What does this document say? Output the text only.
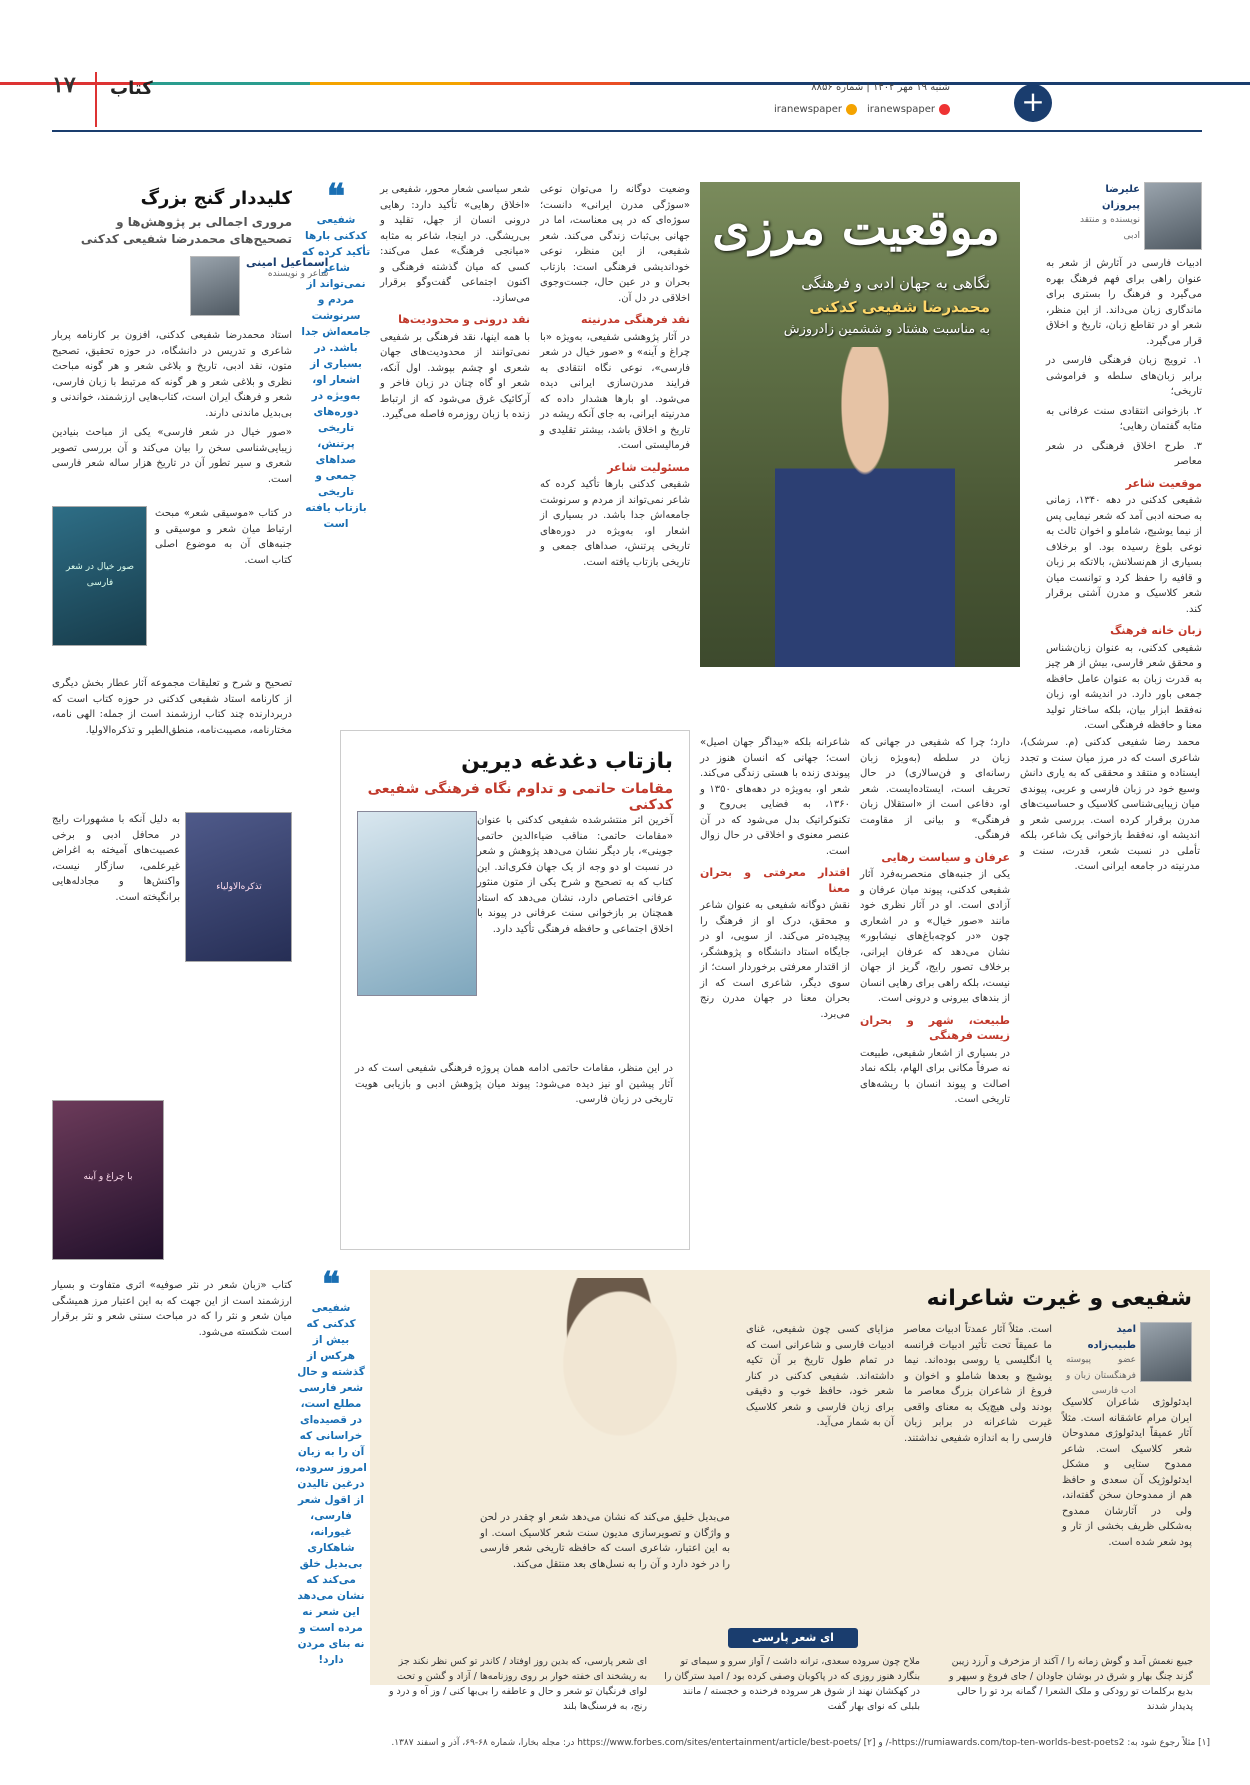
۱۷ کتاب	شنبه ۱۹ مهر ۱۴۰۲ | شماره ۸۸۵۶
iranewspaper
iranewspaper	+
علیرضا پیروزان
نویسنده و منتقد ادبی

ادبیات فارسی در آثارش از شعر به عنوان راهی برای فهم فرهنگ بهره می‌گیرد و فرهنگ را بستری برای ماندگاری زبان می‌داند. از این منظر، شعر او در تقاطع زبان، تاریخ و اخلاق قرار می‌گیرد.

۱. ترویج زبان فرهنگی فارسی در برابر زبان‌های سلطه و فراموشی تاریخی؛

۲. بازخوانی انتقادی سنت عرفانی به مثابه گفتمان رهایی؛

۳. طرح اخلاق فرهنگی در شعر معاصر

موقعیت شاعر

شفیعی کدکنی در دهه ۱۳۴۰، زمانی به صحنه ادبی آمد که شعر نیمایی پس از نیما یوشیج، شاملو و اخوان ثالث به نوعی بلوغ رسیده بود. او برخلاف بسیاری از هم‌نسلانش، بالاتکه بر زبان و قافیه را حفظ کرد و توانست میان شعر کلاسیک و مدرن آشتی برقرار کند.

زبان خانه فرهنگ

شفیعی کدکنی، به عنوان زبان‌شناس و محقق شعر فارسی، بیش از هر چیز به قدرت زبان به عنوان عامل حافظه جمعی باور دارد. در اندیشه او، زبان نه‌فقط ابزار بیان، بلکه ساختار تولید معنا و حافظه فرهنگی است.

موقعیت مرزی
نگاهی به جهان ادبی و فرهنگی
محمدرضا شفیعی کدکنی
به مناسبت هشتاد و ششمین زادروزش

وضعیت دوگانه را می‌توان نوعی «سوژگی مدرن ایرانی» دانست؛ سوژه‌ای که در پی معناست، اما در جهانی بی‌ثبات زندگی می‌کند. شعر شفیعی، از این منظر، نوعی خوداندیشی فرهنگی است: بازتاب بحران و در عین حال، جست‌وجوی اخلاقی در دل آن.

نقد فرهنگی مدرنیته

در آثار پژوهشی شفیعی، به‌ویژه «با چراغ و آینه» و «صور خیال در شعر فارسی»، نوعی نگاه انتقادی به فرایند مدرن‌سازی ایرانی دیده می‌شود. او بارها هشدار داده که مدرنیته ایرانی، به جای آنکه ریشه در تاریخ و اخلاق باشد، بیشتر تقلیدی و فرمالیستی است.

مسئولیت شاعر

شفیعی کدکنی بارها تأکید کرده که شاعر نمی‌تواند از مردم و سرنوشت جامعه‌اش جدا باشد. در بسیاری از اشعار او، به‌ویژه در دوره‌های تاریخی پرتنش، صداهای جمعی و تاریخی بازتاب یافته است.

شعر سیاسی شعار محور، شفیعی بر «اخلاق رهایی» تأکید دارد: رهایی درونی انسان از جهل، تقلید و بی‌ریشگی. در اینجا، شاعر به مثابه «میانجی فرهنگ» عمل می‌کند: کسی که میان گذشته فرهنگی و اکنون اجتماعی گفت‌وگو برقرار می‌سازد.

نقد درونی و محدودیت‌ها

با همه اینها، نقد فرهنگی بر شفیعی نمی‌توانند از محدودیت‌های جهان شعری او چشم بپوشد. اول آنکه، شعر او گاه چنان در زبان فاخر و آرکائیک غرق می‌شود که از ارتباط زنده با زبان روزمره فاصله می‌گیرد.

❝
شفیعی کدکنی بارها تأکید کرده که شاعر نمی‌تواند از مردم و سرنوشت جامعه‌اش جدا باشد. در بسیاری از اشعار او، به‌ویژه در دوره‌های تاریخی پرتنش، صداهای جمعی و تاریخی بازتاب یافته است
کلیددار گنج بزرگ
مروری اجمالی بر پژوهش‌ها و تصحیح‌های محمدرضا شفیعی کدکنی
اسماعیل امینی
شاعر و نویسنده

استاد محمدرضا شفیعی کدکنی، افزون بر کارنامه پربار شاعری و تدریس در دانشگاه، در حوزه تحقیق، تصحیح متون، نقد ادبی، تاریخ و بلاغی شعر و هر گونه مباحث نظری و بلاغی شعر و هر گونه که مرتبط با زبان فارسی، شعر و فرهنگ ایران است، کتاب‌هایی ارزشمند، خواندنی و بی‌بدیل ماندنی دارند.

«صور خیال در شعر فارسی» یکی از مباحث بنیادین زیبایی‌شناسی سخن را بیان می‌کند و آن بررسی تصویر شعری و سیر تطور آن در تاریخ هزار ساله شعر فارسی است.

صور خیال در شعر فارسی

در کتاب «موسیقی شعر» مبحث ارتباط میان شعر و موسیقی و جنبه‌های آن به موضوع اصلی کتاب است.

تصحیح و شرح و تعلیقات مجموعه آثار عطار بخش دیگری از کارنامه استاد شفیعی کدکنی در حوزه کتاب است که دربردارنده چند کتاب ارزشمند است از جمله: الهی نامه، مختارنامه، مصیبت‌نامه، منطق‌الطیر و تذکره‌الاولیا.

تذکره‌الاولیاء

به دلیل آنکه با مشهورات رایج در محافل ادبی و برخی عصبیت‌های آمیخته به اغراض غیرعلمی، سازگار نیست، واکنش‌ها و مجادله‌هایی برانگیخته است.

با چراغ و آینه

کتاب «زبان شعر در نثر صوفیه» اثری متفاوت و بسیار ارزشمند است از این جهت که به این اعتبار مرز همیشگی میان شعر و نثر را که در مباحث سنتی شعر و نثر برقرار است شکسته می‌شود.

شاعرانه بلکه «بیداگر جهان اصیل» است؛ جهانی که انسان هنوز در پیوندی زنده با هستی زندگی می‌کند. شعر او، به‌ویژه در دهه‌های ۱۳۵۰ و ۱۳۶۰، به فضایی بی‌روح و تکنوکراتیک بدل می‌شود که در آن عنصر معنوی و اخلاقی در حال زوال است.

اقتدار معرفتی و بحران معنا

نقش دوگانه شفیعی به عنوان شاعر و محقق، درک او از فرهنگ را پیچیده‌تر می‌کند. از سویی، او در جایگاه استاد دانشگاه و پژوهشگر، از اقتدار معرفتی برخوردار است؛ از سوی دیگر، شاعری است که از بحران معنا در جهان مدرن رنج می‌برد.

دارد؛ چرا که شفیعی در جهانی که زبان در سلطه (به‌ویژه زبان رسانه‌ای و فن‌سالاری) در حال تحریف است، ایستاده‌ایست. شعر او، دفاعی است از «استقلال زبان فرهنگی» و بیانی از مقاومت فرهنگی.

عرفان و سیاست رهایی

یکی از جنبه‌های منحصربه‌فرد آثار شفیعی کدکنی، پیوند میان عرفان و آزادی است. او در آثار نظری خود مانند «صور خیال» و در اشعاری چون «در کوچه‌باغ‌های نیشابور» نشان می‌دهد که عرفان ایرانی، برخلاف تصور رایج، گریز از جهان نیست، بلکه راهی برای رهایی انسان از بندهای بیرونی و درونی است.

طبیعت، شهر و بحران زیست فرهنگی

در بسیاری از اشعار شفیعی، طبیعت نه صرفاً مکانی برای الهام، بلکه نماد اصالت و پیوند انسان با ریشه‌های تاریخی است.

محمد رضا شفیعی کدکنی (م. سرشک)، شاعری است که در مرز میان سنت و تجدد ایستاده و منتقد و محققی که به یاری دانش وسیع خود در زبان فارسی و عربی، پیوندی میان زیبایی‌شناسی کلاسیک و حساسیت‌های مدرن برقرار کرده است. بررسی شعر و اندیشه او، نه‌فقط بازخوانی یک شاعر، بلکه تأملی در نسبت شعر، قدرت، سنت و مدرنیته در جامعه ایرانی است.

بازتاب دغدغه دیرین
مقامات حاتمی و تداوم نگاه فرهنگی شفیعی کدکنی

آخرین اثر منتشرشده شفیعی کدکنی با عنوان «مقامات حاتمی: مناقب ضیاءالدین حاتمی جوینی»، بار دیگر نشان می‌دهد پژوهش و شعر در نسبت او دو وجه از یک جهان فکری‌اند. این کتاب که به تصحیح و شرح یکی از متون منثور عرفانی اختصاص دارد، نشان می‌دهد که استاد همچنان بر بازخوانی سنت عرفانی در پیوند با اخلاق اجتماعی و حافظه فرهنگی تأکید دارد.

در این منظر، مقامات حاتمی ادامه همان پروژه فرهنگی شفیعی است که در آثار پیشین او نیز دیده می‌شود: پیوند میان پژوهش ادبی و بازیابی هویت تاریخی در زبان فارسی.

شفیعی و غیرت شاعرانه
امید طبیب‌زاده
عضو پیوسته فرهنگستان زبان و ادب فارسی

ایدئولوژی شاعران کلاسیک ایران مرام عاشقانه است. مثلاً آثار عمیقاً ایدئولوژی ممدوحان شعر کلاسیک است. شاعر ممدوح ستایی و مشکل ایدئولوژیک آن سعدی و حافظ هم از ممدوحان سخن گفته‌اند، ولی در آثارشان ممدوح به‌شکلی ظریف بخشی از تار و پود شعر شده است.

است. مثلاً آثار عمدتاً ادبیات معاصر ما عمیقاً تحت تأثیر ادبیات فرانسه یا انگلیسی یا روسی بوده‌اند. نیما یوشیج و بعدها شاملو و اخوان و فروغ از شاعران بزرگ معاصر ما بودند ولی هیچ‌یک به معنای واقعی غیرت شاعرانه در برابر زبان فارسی را به اندازه شفیعی نداشتند.

مزایای کسی چون شفیعی، غنای ادبیات فارسی و شاعرانی است که در تمام طول تاریخ بر آن تکیه داشته‌اند. شفیعی کدکنی در کنار شعر خود، حافظ خوب و دقیقی برای زبان فارسی و شعر کلاسیک آن به شمار می‌آید.

می‌بدیل خلیق می‌کند که نشان می‌دهد شعر او چقدر در لحن و واژگان و تصویرسازی مدیون سنت شعر کلاسیک است. او به این اعتبار، شاعری است که حافظه تاریخی شعر فارسی را در خود دارد و آن را به نسل‌های بعد منتقل می‌کند.

❝
شفیعی کدکنی که بیش از هرکس از گذشته و حال شعر فارسی مطلع است، در قصیده‌ای خراسانی که آن را به زبان امروز سروده، درغین تالیدن از اقول شعر فارسی، غیورانه، شاهکاری بی‌بدیل خلق می‌کند که نشان می‌دهد این شعر نه مرده است و نه بنای مردن دارد!
ای شعر پارسی
جیبع نغمش آمد و گوش زمانه را / آکند از مزخرف و آرزد زیبن گزند چنگ بهار و شرق در بوشان جاودان / جای فروغ و سپهر و بدیع برکلمات تو رودکی و ملک الشعرا / گمانه برد تو را حالی پدیدار شدند
ملاح چون سروده سعدی، ترانه داشت / آواز سرو و سیمای تو بنگارد هنوز روزی که در پاکوبان وصفی کرده بود / امید سترگان را در کهکشان نهند از شوق هر سروده فرخنده و خجسته / مانند بلبلی که نوای بهار گفت
ای شعر پارسی، که بدین روز اوفتاد / کاندر تو کس نظر نکند جز به ریشخند ای خفته خوار بر روی روزنامه‌ها / آزاد و گشن و تحت لوای فرنگیان تو شعر و حال و عاطفه را بی‌بها کنی / وز آه و درد و رنج، به فرسنگ‌ها بلند
[۱] مثلاً رجوع شود به: https://rumiawards.com/top-ten-worlds-best-poets2-/ و https://www.forbes.com/sites/entertainment/article/best-poets/ [۲] در: مجله بخارا، شماره ۶۸-۶۹، آذر و اسفند ۱۳۸۷.
